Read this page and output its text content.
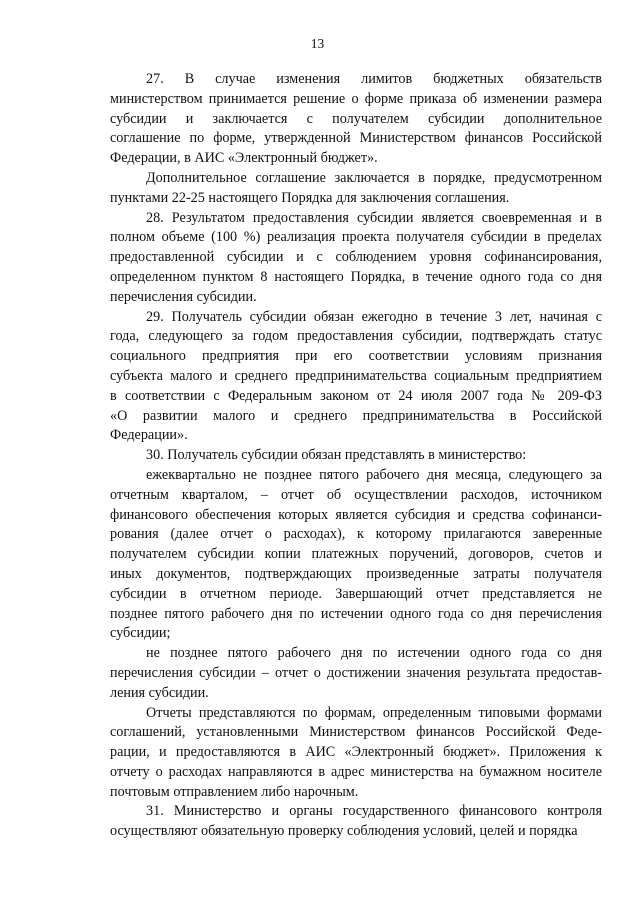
13
27. В случае изменения лимитов бюджетных обязательств
министерством принимается решение о форме приказа об изменении размера
субсидии и заключается с получателем субсидии дополнительное
соглашение по форме, утвержденной Министерством финансов Российской
Федерации, в АИС «Электронный бюджет».
Дополнительное соглашение заключается в порядке, предусмотренном
пунктами 22-25 настоящего Порядка для заключения соглашения.
28. Результатом предоставления субсидии является своевременная и в
полном объеме (100 %) реализация проекта получателя субсидии в пределах
предоставленной субсидии и с соблюдением уровня софинансирования,
определенном пунктом 8 настоящего Порядка, в течение одного года со дня
перечисления субсидии.
29. Получатель субсидии обязан ежегодно в течение 3 лет, начиная с
года, следующего за годом предоставления субсидии, подтверждать статус
социального предприятия при его соответствии условиям признания
субъекта малого и среднего предпринимательства социальным предприятием
в соответствии с Федеральным законом от 24 июля 2007 года № 209-ФЗ
«О развитии малого и среднего предпринимательства в Российской
Федерации».
30. Получатель субсидии обязан представлять в министерство:
ежеквартально не позднее пятого рабочего дня месяца, следующего за
отчетным кварталом, – отчет об осуществлении расходов, источником
финансового обеспечения которых является субсидия и средства софинанси-
рования (далее отчет о расходах), к которому прилагаются заверенные
получателем субсидии копии платежных поручений, договоров, счетов и
иных документов, подтверждающих произведенные затраты получателя
субсидии в отчетном периоде. Завершающий отчет представляется не
позднее пятого рабочего дня по истечении одного года со дня перечисления
субсидии;
не позднее пятого рабочего дня по истечении одного года со дня
перечисления субсидии – отчет о достижении значения результата предостав-
ления субсидии.
Отчеты представляются по формам, определенным типовыми формами
соглашений, установленными Министерством финансов Российской Феде-
рации, и предоставляются в АИС «Электронный бюджет». Приложения к
отчету о расходах направляются в адрес министерства на бумажном носителе
почтовым отправлением либо нарочным.
31. Министерство и органы государственного финансового контроля
осуществляют обязательную проверку соблюдения условий, целей и порядка
